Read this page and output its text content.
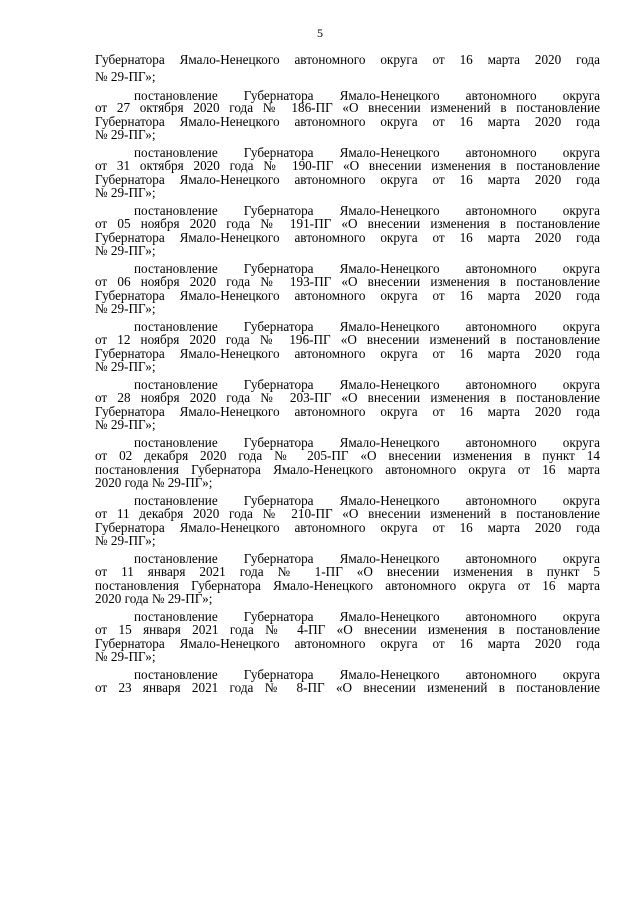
5
Губернатора Ямало-Ненецкого автономного округа от 16 марта 2020 года
№ 29-ПГ»;
постановление Губернатора Ямало-Ненецкого автономного округа
от 27 октября 2020 года № 186-ПГ «О внесении изменений в постановление
Губернатора Ямало-Ненецкого автономного округа от 16 марта 2020 года
№ 29-ПГ»;
постановление Губернатора Ямало-Ненецкого автономного округа
от 31 октября 2020 года № 190-ПГ «О внесении изменения в постановление
Губернатора Ямало-Ненецкого автономного округа от 16 марта 2020 года
№ 29-ПГ»;
постановление Губернатора Ямало-Ненецкого автономного округа
от 05 ноября 2020 года № 191-ПГ «О внесении изменения в постановление
Губернатора Ямало-Ненецкого автономного округа от 16 марта 2020 года
№ 29-ПГ»;
постановление Губернатора Ямало-Ненецкого автономного округа
от 06 ноября 2020 года № 193-ПГ «О внесении изменения в постановление
Губернатора Ямало-Ненецкого автономного округа от 16 марта 2020 года
№ 29-ПГ»;
постановление Губернатора Ямало-Ненецкого автономного округа
от 12 ноября 2020 года № 196-ПГ «О внесении изменений в постановление
Губернатора Ямало-Ненецкого автономного округа от 16 марта 2020 года
№ 29-ПГ»;
постановление Губернатора Ямало-Ненецкого автономного округа
от 28 ноября 2020 года № 203-ПГ «О внесении изменения в постановление
Губернатора Ямало-Ненецкого автономного округа от 16 марта 2020 года
№ 29-ПГ»;
постановление Губернатора Ямало-Ненецкого автономного округа
от 02 декабря 2020 года № 205-ПГ «О внесении изменения в пункт 14
постановления Губернатора Ямало-Ненецкого автономного округа от 16 марта
2020 года № 29-ПГ»;
постановление Губернатора Ямало-Ненецкого автономного округа
от 11 декабря 2020 года № 210-ПГ «О внесении изменений в постановление
Губернатора Ямало-Ненецкого автономного округа от 16 марта 2020 года
№ 29-ПГ»;
постановление Губернатора Ямало-Ненецкого автономного округа
от 11 января 2021 года № 1-ПГ «О внесении изменения в пункт 5
постановления Губернатора Ямало-Ненецкого автономного округа от 16 марта
2020 года № 29-ПГ»;
постановление Губернатора Ямало-Ненецкого автономного округа
от 15 января 2021 года № 4-ПГ «О внесении изменения в постановление
Губернатора Ямало-Ненецкого автономного округа от 16 марта 2020 года
№ 29-ПГ»;
постановление Губернатора Ямало-Ненецкого автономного округа
от 23 января 2021 года № 8-ПГ «О внесении изменений в постановление
